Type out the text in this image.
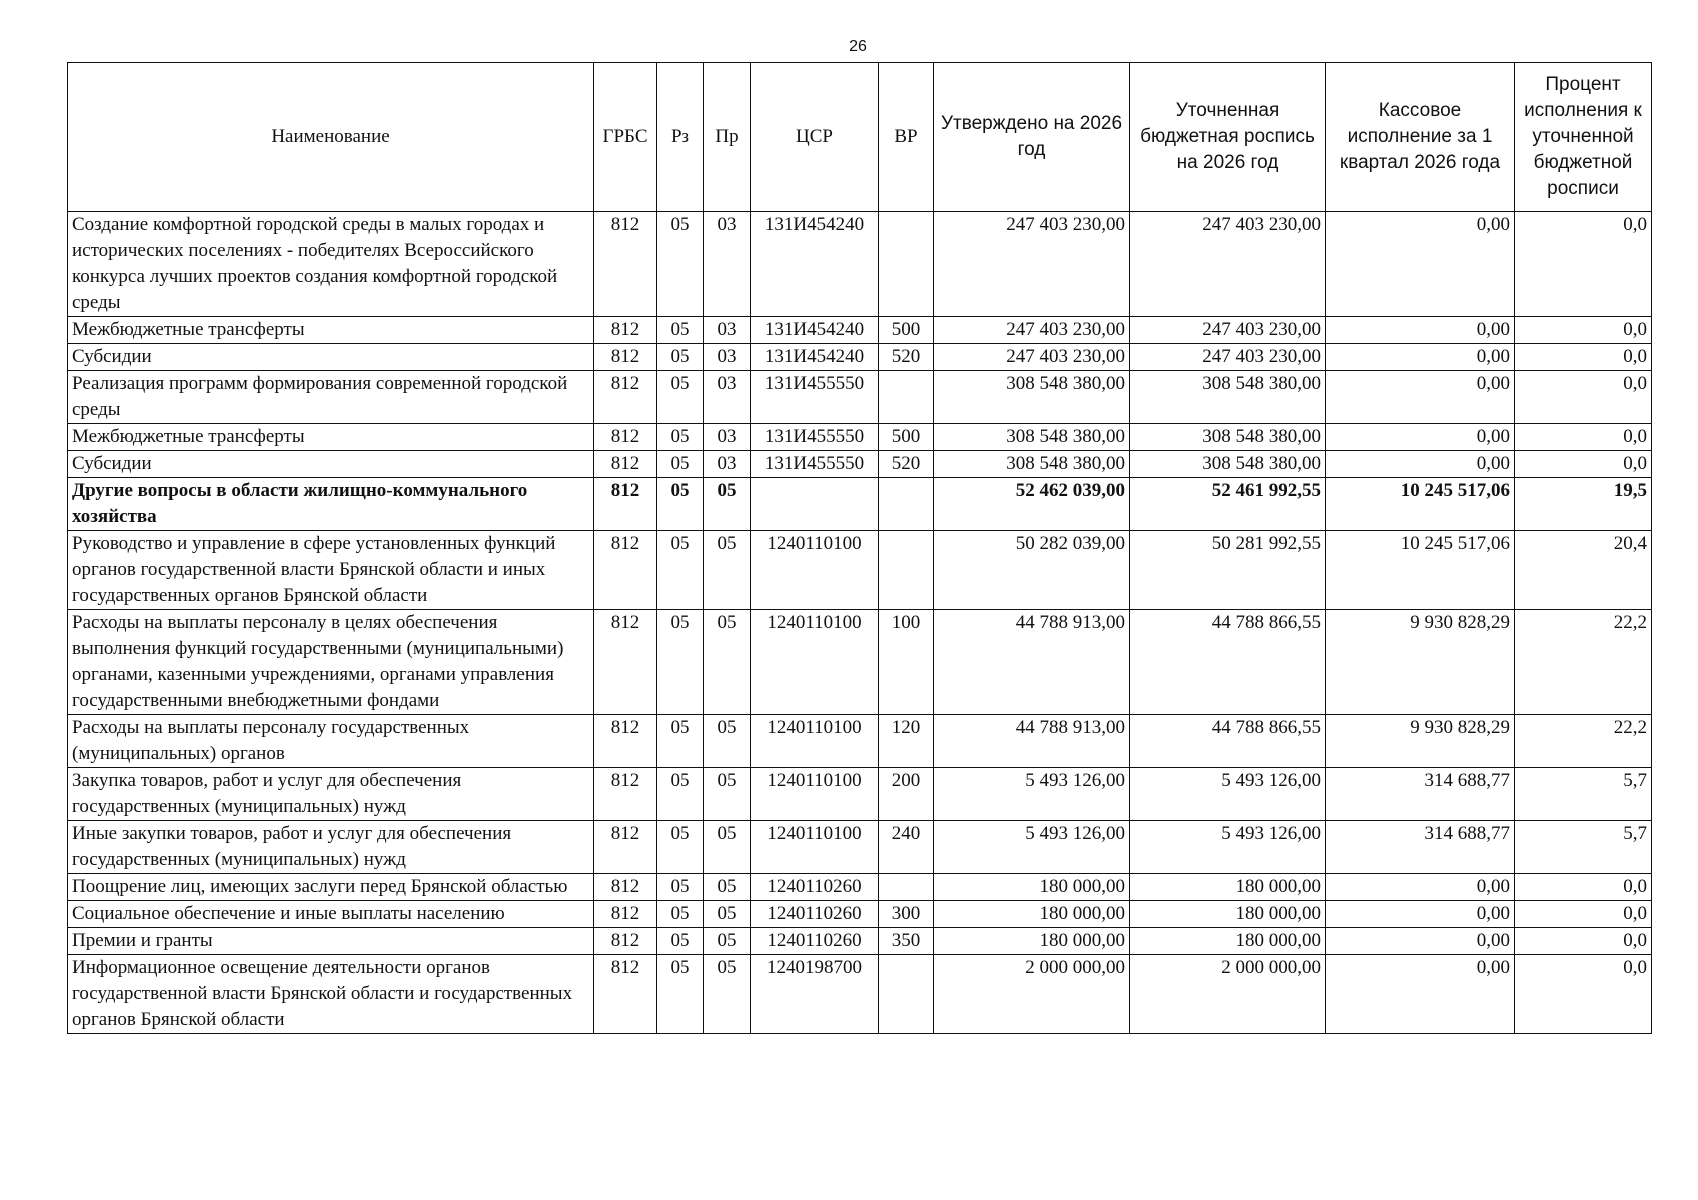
26
Наименование	ГРБС	Рз	Пр	ЦСР	ВР	Утверждено на 2026 год	Уточненная бюджетная роспись на 2026 год	Кассовое исполнение за 1 квартал 2026 года	Процент исполнения к уточненной бюджетной росписи
Создание комфортной городской среды в малых городах и исторических поселениях - победителях Всероссийского конкурса лучших проектов создания комфортной городской среды	812	05	03	131И454240		247 403 230,00	247 403 230,00	0,00	0,0
Межбюджетные трансферты	812	05	03	131И454240	500	247 403 230,00	247 403 230,00	0,00	0,0
Субсидии	812	05	03	131И454240	520	247 403 230,00	247 403 230,00	0,00	0,0
Реализация программ формирования современной городской среды	812	05	03	131И455550		308 548 380,00	308 548 380,00	0,00	0,0
Межбюджетные трансферты	812	05	03	131И455550	500	308 548 380,00	308 548 380,00	0,00	0,0
Субсидии	812	05	03	131И455550	520	308 548 380,00	308 548 380,00	0,00	0,0
Другие вопросы в области жилищно-коммунального хозяйства	812	05	05			52 462 039,00	52 461 992,55	10 245 517,06	19,5
Руководство и управление в сфере установленных функций органов государственной власти Брянской области и иных государственных органов Брянской области	812	05	05	1240110100		50 282 039,00	50 281 992,55	10 245 517,06	20,4
Расходы на выплаты персоналу в целях обеспечения выполнения функций государственными (муниципальными) органами, казенными учреждениями, органами управления государственными внебюджетными фондами	812	05	05	1240110100	100	44 788 913,00	44 788 866,55	9 930 828,29	22,2
Расходы на выплаты персоналу государственных (муниципальных) органов	812	05	05	1240110100	120	44 788 913,00	44 788 866,55	9 930 828,29	22,2
Закупка товаров, работ и услуг для обеспечения государственных (муниципальных) нужд	812	05	05	1240110100	200	5 493 126,00	5 493 126,00	314 688,77	5,7
Иные закупки товаров, работ и услуг для обеспечения государственных (муниципальных) нужд	812	05	05	1240110100	240	5 493 126,00	5 493 126,00	314 688,77	5,7
Поощрение лиц, имеющих заслуги перед Брянской областью	812	05	05	1240110260		180 000,00	180 000,00	0,00	0,0
Социальное обеспечение и иные выплаты населению	812	05	05	1240110260	300	180 000,00	180 000,00	0,00	0,0
Премии и гранты	812	05	05	1240110260	350	180 000,00	180 000,00	0,00	0,0
Информационное освещение деятельности органов государственной власти Брянской области и государственных органов Брянской области	812	05	05	1240198700		2 000 000,00	2 000 000,00	0,00	0,0
